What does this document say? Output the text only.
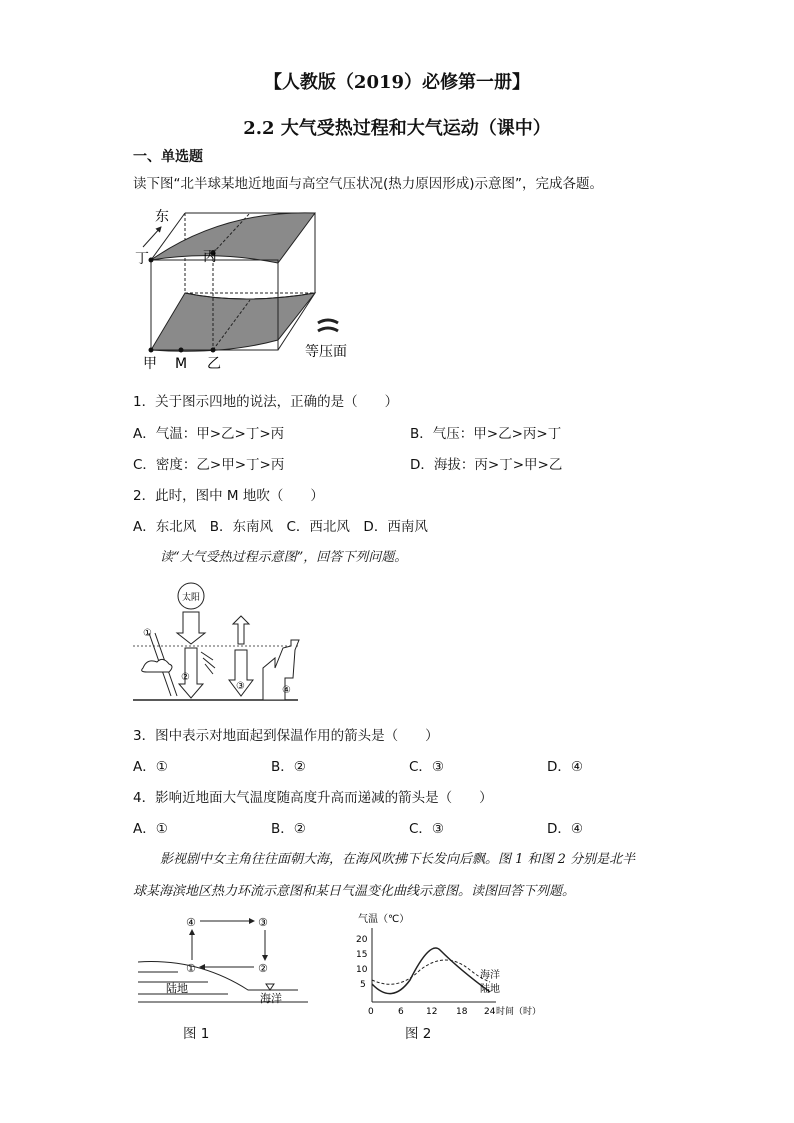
【人教版（2019）必修第一册】
2.2 大气受热过程和大气运动（课中）
一、单选题
读下图“北半球某地近地面与高空气压状况(热力原因形成)示意图”，完成各题。
东
丁	丙
甲 M 乙
等压面
1．关于图示四地的说法，正确的是（　　）
A．气温：甲>乙>丁>丙	B．气压：甲>乙>丙>丁
C．密度：乙>甲>丁>丙	D．海拔：丙>丁>甲>乙
2．此时，图中 M 地吹（　　）
A．东北风　B．东南风　C．西北风　D．西南风
读“大气受热过程示意图”，回答下列问题。
太阳
①
②
③	④
3．图中表示对地面起到保温作用的箭头是（　　）
A．①	B．②	C．③	D．④
4．影响近地面大气温度随高度升高而递减的箭头是（　　）
A．①	B．②	C．③	D．④
影视剧中女主角往往面朝大海，在海风吹拂下长发向后飘。图 1 和图 2 分别是北半
球某海滨地区热力环流示意图和某日气温变化曲线示意图。读图回答下列题。
④	③
①	②
陆地
海洋
图 1
气温（℃）
20
15
10
5
0	6 12 18 24 时间（时）
海洋
陆地
图 2
